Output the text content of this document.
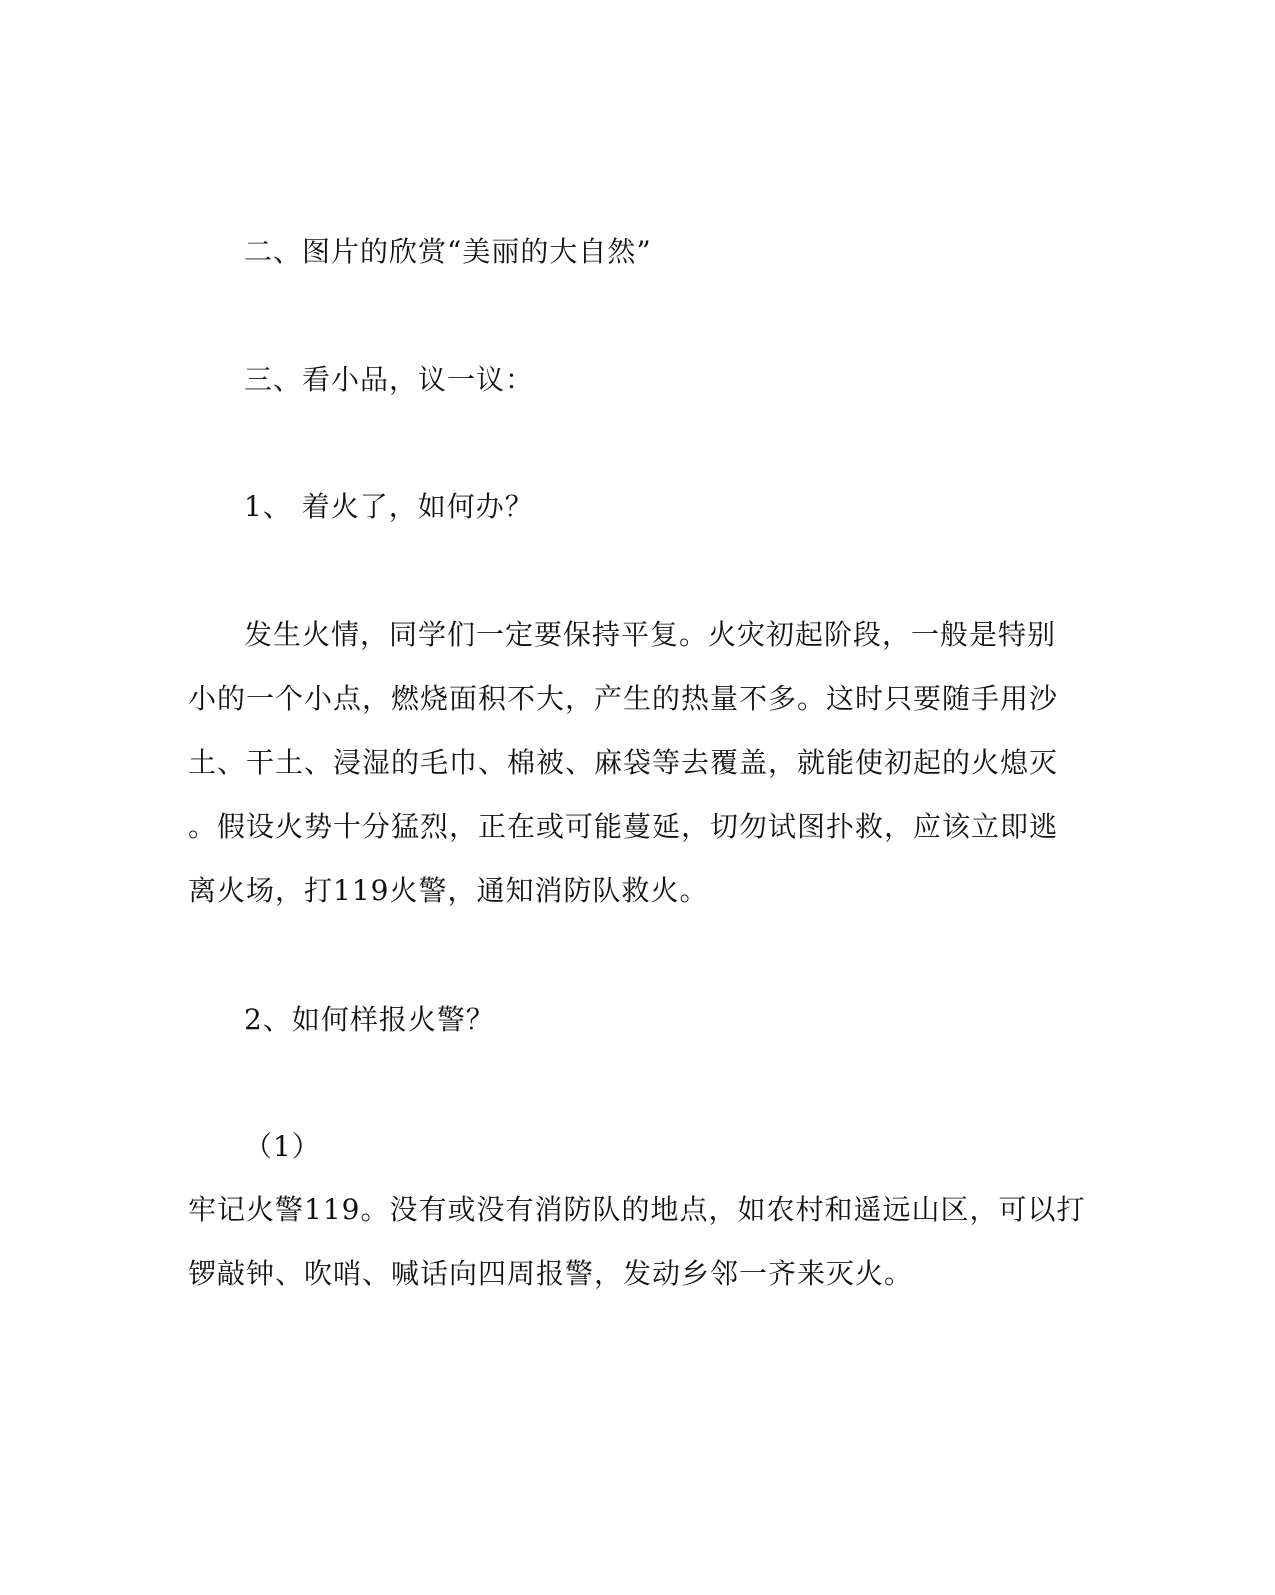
二、图片的欣赏“美丽的大自然”
三、看小品，议一议：
1、 着火了，如何办？
发生火情，同学们一定要保持平复。火灾初起阶段，一般是特别
小的一个小点，燃烧面积不大，产生的热量不多。这时只要随手用沙
土、干土、浸湿的毛巾、棉被、麻袋等去覆盖，就能使初起的火熄灭
。假设火势十分猛烈，正在或可能蔓延，切勿试图扑救，应该立即逃
离火场，打119火警，通知消防队救火。
2、如何样报火警？
（1）
牢记火警119。没有或没有消防队的地点，如农村和遥远山区，可以打
锣敲钟、吹哨、喊话向四周报警，发动乡邻一齐来灭火。
